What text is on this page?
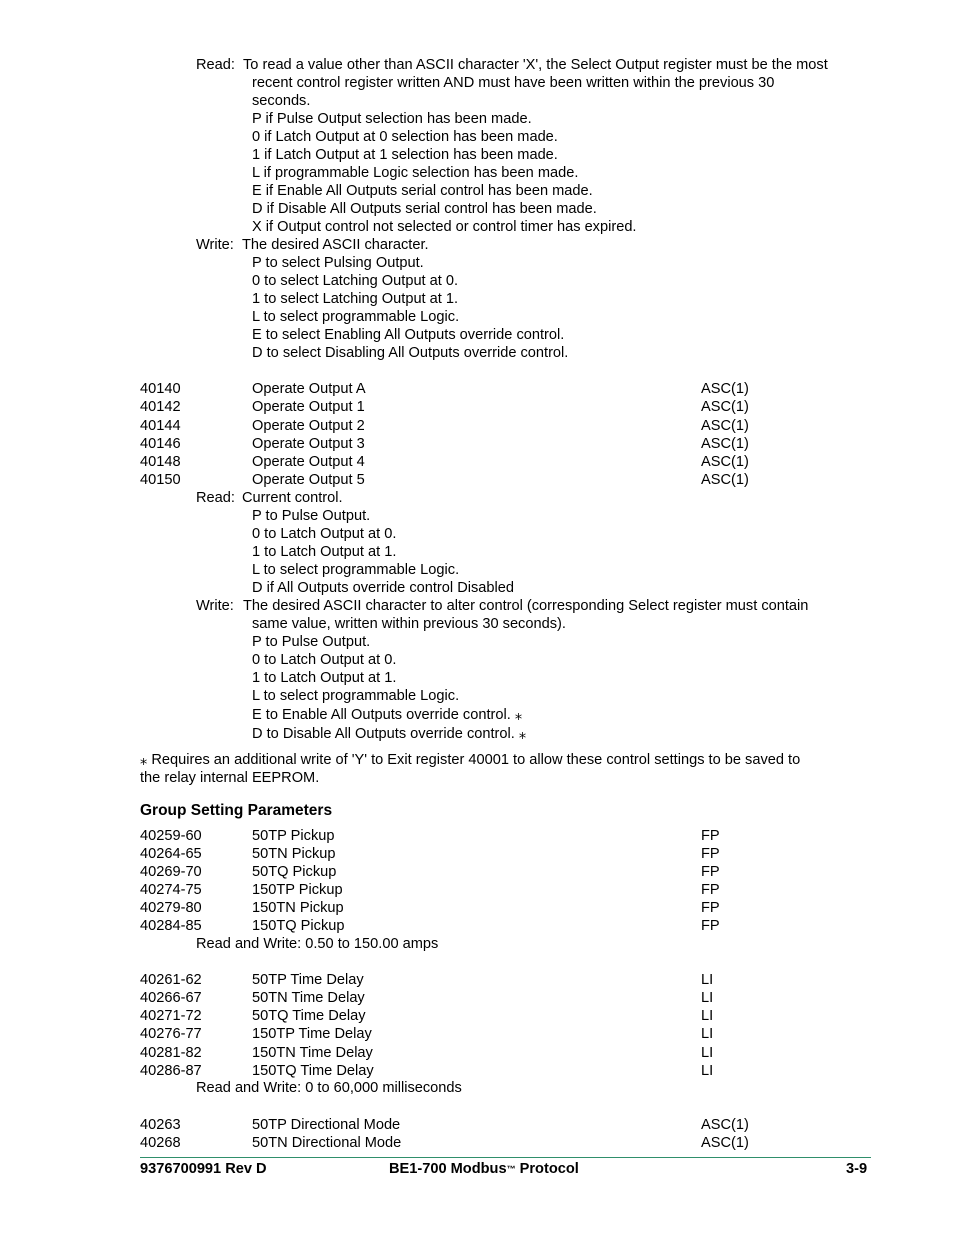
Read: To read a value other than ASCII character 'X', the Select Output register must be the most
recent control register written AND must have been written within the previous 30
seconds.
P if Pulse Output selection has been made.
0 if Latch Output at 0 selection has been made.
1 if Latch Output at 1 selection has been made.
L if programmable Logic selection has been made.
E if Enable All Outputs serial control has been made.
D if Disable All Outputs serial control has been made.
X if Output control not selected or control timer has expired.
Write: The desired ASCII character.
P to select Pulsing Output.
0 to select Latching Output at 0.
1 to select Latching Output at 1.
L to select programmable Logic.
E to select Enabling All Outputs override control.
D to select Disabling All Outputs override control.
40140	Operate Output A	ASC(1)
40142	Operate Output 1	ASC(1)
40144	Operate Output 2	ASC(1)
40146	Operate Output 3	ASC(1)
40148	Operate Output 4	ASC(1)
40150	Operate Output 5	ASC(1)
Read: Current control.
P to Pulse Output.
0 to Latch Output at 0.
1 to Latch Output at 1.
L to select programmable Logic.
D if All Outputs override control Disabled
Write: The desired ASCII character to alter control (corresponding Select register must contain
same value, written within previous 30 seconds).
P to Pulse Output.
0 to Latch Output at 0.
1 to Latch Output at 1.
L to select programmable Logic.
E to Enable All Outputs override control. ⁎
D to Disable All Outputs override control. ⁎
⁎ Requires an additional write of 'Y' to Exit register 40001 to allow these control settings to be saved to
the relay internal EEPROM.
Group Setting Parameters
40259-60	50TP Pickup	FP
40264-65	50TN Pickup	FP
40269-70	50TQ Pickup	FP
40274-75	150TP Pickup	FP
40279-80	150TN Pickup	FP
40284-85	150TQ Pickup	FP
Read and Write: 0.50 to 150.00 amps
40261-62	50TP Time Delay	LI
40266-67	50TN Time Delay	LI
40271-72	50TQ Time Delay	LI
40276-77	150TP Time Delay	LI
40281-82	150TN Time Delay	LI
40286-87	150TQ Time Delay	LI
Read and Write: 0 to 60,000 milliseconds
40263	50TP Directional Mode	ASC(1)
40268	50TN Directional Mode	ASC(1)
9376700991 Rev D	BE1-700 Modbus™ Protocol	3-9
